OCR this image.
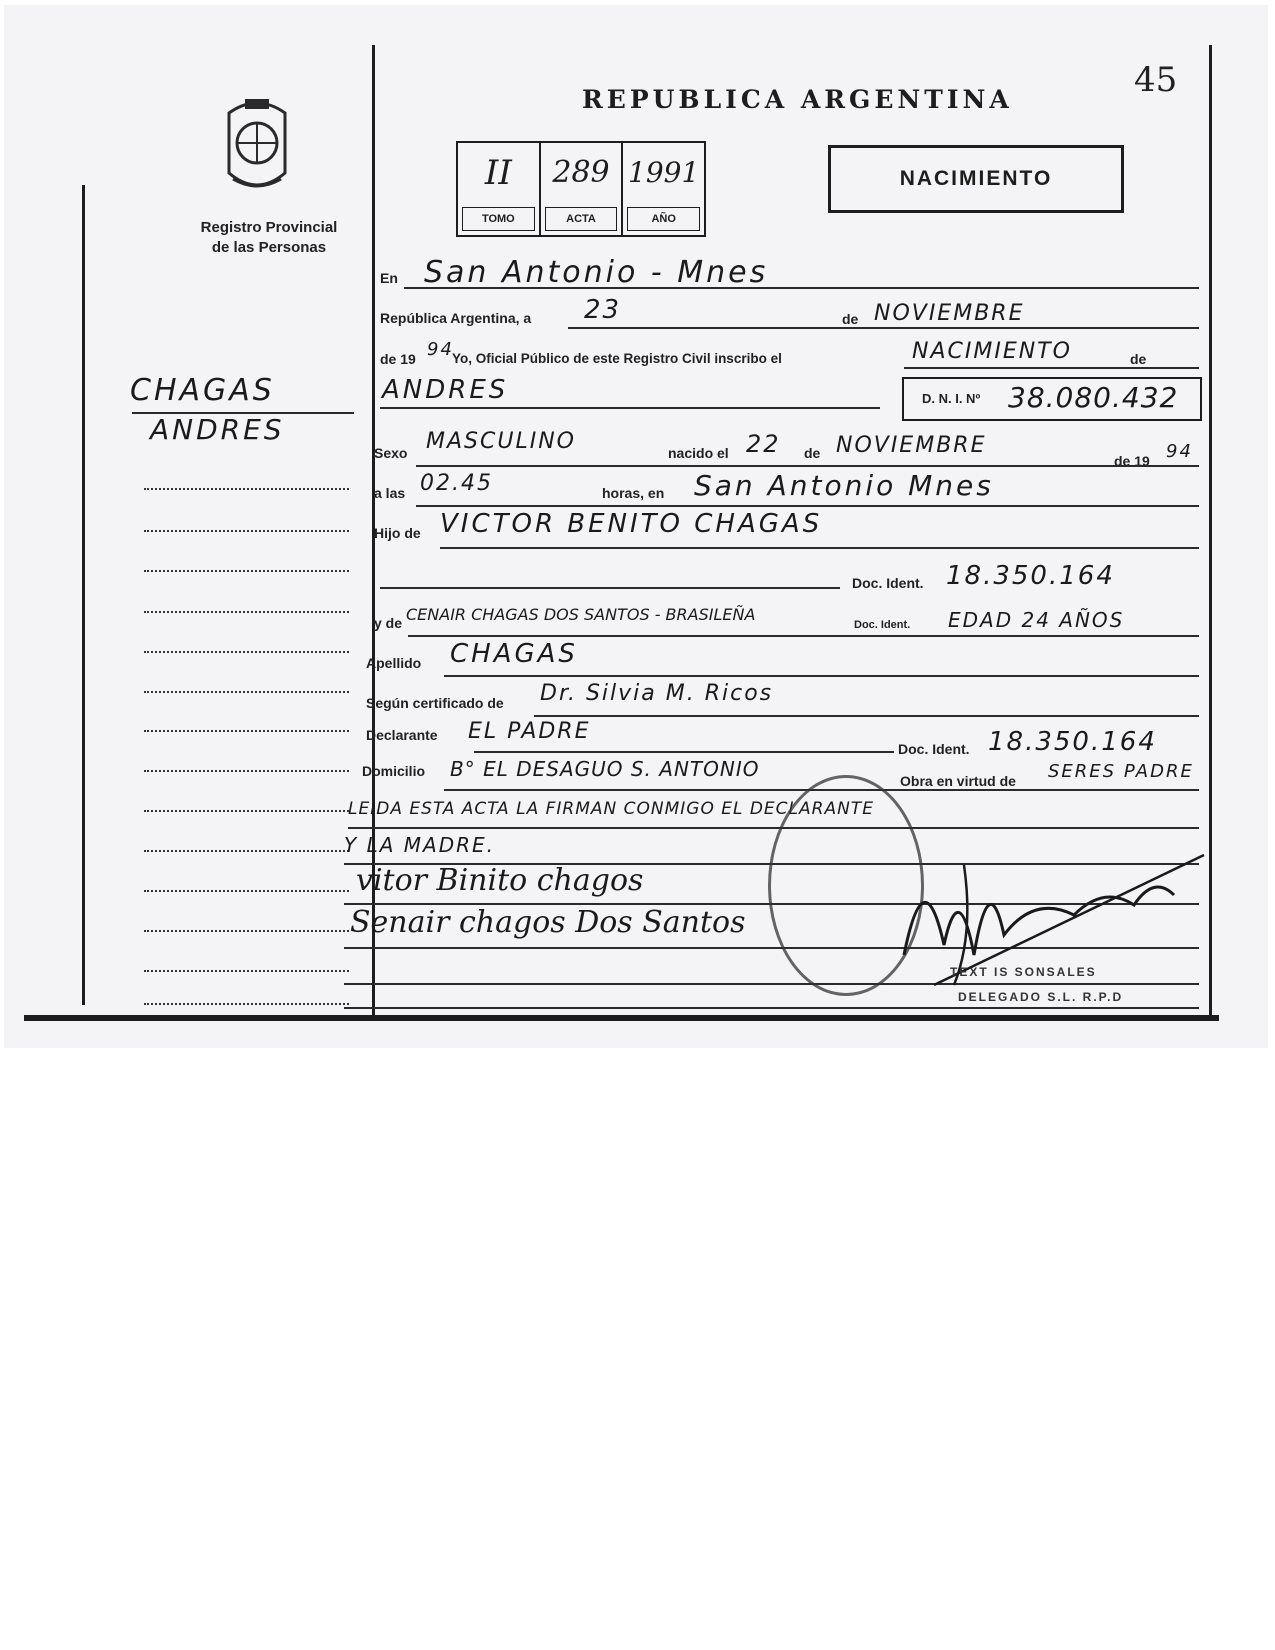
45
REPUBLICA ARGENTINA
Registro Provincial
de las Personas
II
TOMO
289
ACTA
1991
AÑO
NACIMIENTO
CHAGAS
ANDRES
En San Antonio - Mnes
República Argentina, a 23	de NOVIEMBRE
de 19 94
Yo, Oficial Público de este Registro Civil inscribo el	NACIMIENTO	de
ANDRES	D. N. I. Nº 38.080.432
Sexo MASCULINO	nacido el 22 de NOVIEMBRE
de 19 94
a las 02.45	horas, en San Antonio Mnes
Hijo de VICTOR BENITO CHAGAS
Doc. Ident. 18.350.164
y de CENAIR CHAGAS DOS SANTOS - BRASILEÑA
Doc. Ident. EDAD 24 AÑOS
Apellido CHAGAS
Según certificado de Dr. Silvia M. Ricos
Declarante EL PADRE
Doc. Ident. 18.350.164
Domicilio B° EL DESAGUO S. ANTONIO	Obra en virtud de SERES PADRE
LEIDA ESTA ACTA LA FIRMAN CONMIGO EL DECLARANTE
Y LA MADRE.
vitor Binito chagos
Senair chagos Dos Santos
TEXT IS SONSALES
DELEGADO S.L. R.P.D
